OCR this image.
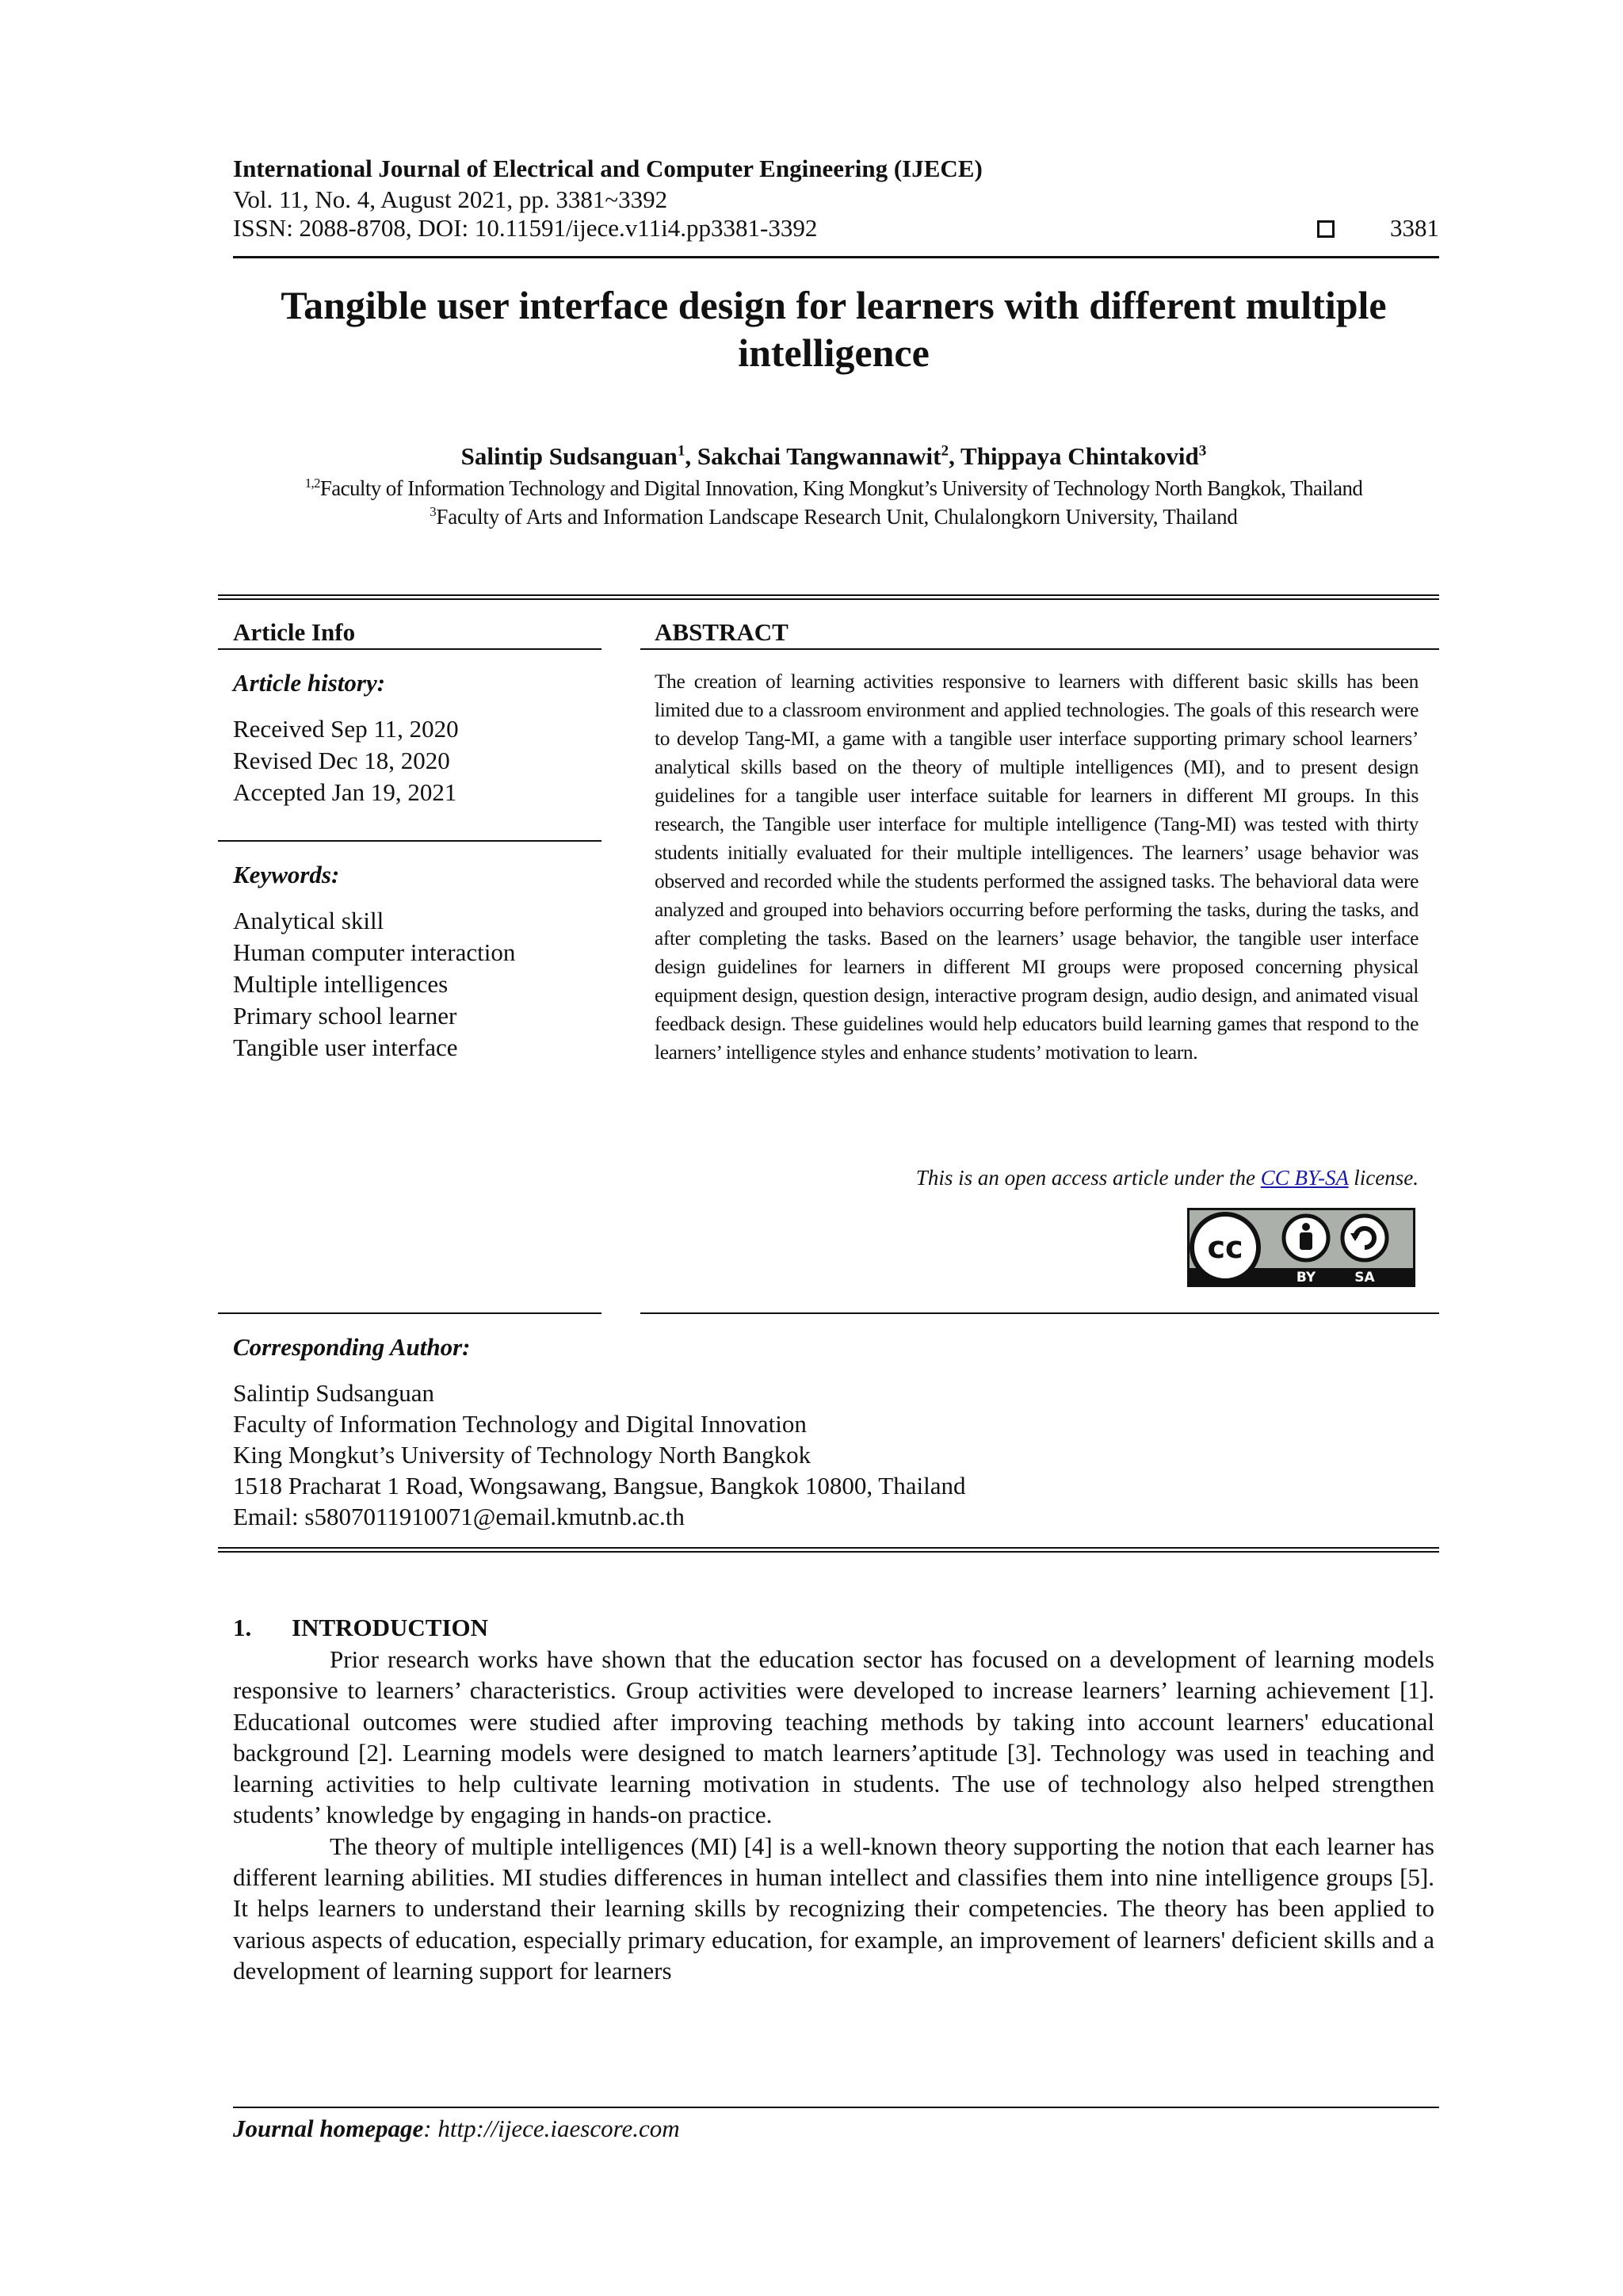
International Journal of Electrical and Computer Engineering (IJECE)
Vol. 11, No. 4, August 2021, pp. 3381~3392
ISSN: 2088-8708, DOI: 10.11591/ijece.v11i4.pp3381-3392	3381
Tangible user interface design for learners with different multiple intelligence
Salintip Sudsanguan$^1$, Sakchai Tangwannawit$^2$, Thippaya Chintakovid$^3$
$^{1,2}$Faculty of Information Technology and Digital Innovation, King Mongkut’s University of Technology North Bangkok, Thailand
$^3$Faculty of Arts and Information Landscape Research Unit, Chulalongkorn University, Thailand
Article Info
Article history:
Received Sep 11, 2020
Revised Dec 18, 2020
Accepted Jan 19, 2021
Keywords:
Analytical skill
Human computer interaction
Multiple intelligences
Primary school learner
Tangible user interface
ABSTRACT
The creation of learning activities responsive to learners with different basic skills has been limited due to a classroom environment and applied technologies. The goals of this research were to develop Tang-MI, a game with a tangible user interface supporting primary school learners’ analytical skills based on the theory of multiple intelligences (MI), and to present design guidelines for a tangible user interface suitable for learners in different MI groups. In this research, the Tangible user interface for multiple intelligence (Tang-MI) was tested with thirty students initially evaluated for their multiple intelligences. The learners’ usage behavior was observed and recorded while the students performed the assigned tasks. The behavioral data were analyzed and grouped into behaviors occurring before performing the tasks, during the tasks, and after completing the tasks. Based on the learners’ usage behavior, the tangible user interface design guidelines for learners in different MI groups were proposed concerning physical equipment design, question design, interactive program design, audio design, and animated visual feedback design. These guidelines would help educators build learning games that respond to the learners’ intelligence styles and enhance students’ motivation to learn.
This is an open access article under the CC BY-SA license.
cc
BY	SA
Corresponding Author:
Salintip Sudsanguan
Faculty of Information Technology and Digital Innovation
King Mongkut’s University of Technology North Bangkok
1518 Pracharat 1 Road, Wongsawang, Bangsue, Bangkok 10800, Thailand
Email: s5807011910071@email.kmutnb.ac.th
1. INTRODUCTION

Prior research works have shown that the education sector has focused on a development of learning models responsive to learners’ characteristics. Group activities were developed to increase learners’ learning achievement [1]. Educational outcomes were studied after improving teaching methods by taking into account learners' educational background [2]. Learning models were designed to match learners’aptitude [3]. Technology was used in teaching and learning activities to help cultivate learning motivation in students. The use of technology also helped strengthen students’ knowledge by engaging in hands-on practice.

The theory of multiple intelligences (MI) [4] is a well-known theory supporting the notion that each learner has different learning abilities. MI studies differences in human intellect and classifies them into nine intelligence groups [5]. It helps learners to understand their learning skills by recognizing their competencies. The theory has been applied to various aspects of education, especially primary education, for example, an improvement of learners' deficient skills and a development of learning support for learners

Journal homepage: http://ijece.iaescore.com
